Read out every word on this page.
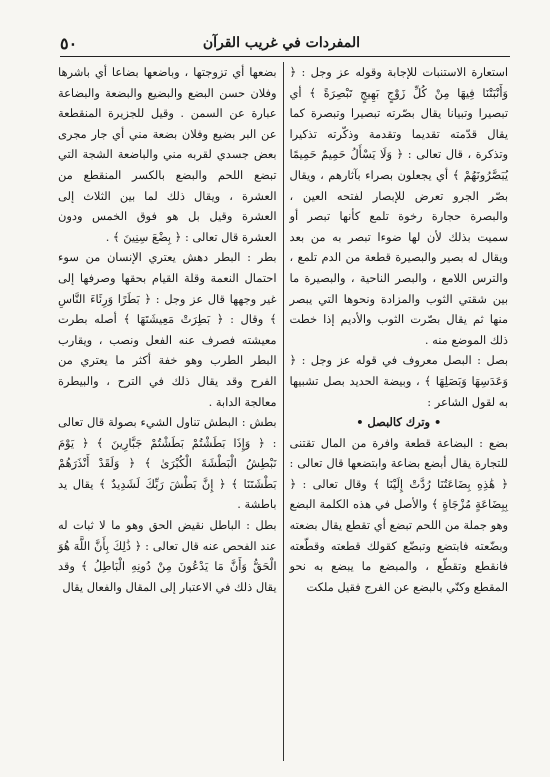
٥٠	المفردات في غريب القرآن

استعارة الاستنبات للإجابة وقوله عز وجل : ﴿ وَأَنْبَتْنَا فِيهَا مِنْ كُلِّ زَوْجٍ بَهِيجٍ تَبْصِرَةً ﴾ أي تبصيرا وتبيانا يقال بصّرته تبصيرا وتبصرة كما يقال قدّمته تقديما وتقدمة وذكّرته تذكيرا وتذكرة ، قال تعالى : ﴿ وَلَا يَسْأَلُ حَمِيمٌ حَمِيمًا يُبَصَّرُونَهُمْ ﴾ أي يجعلون بصراء بآثارهم ، ويقال بصّر الجرو تعرض للإبصار لفتحه العين ، والبصرة حجارة رخوة تلمع كأنها تبصر أو سميت بذلك لأن لها ضوءا تبصر به من بعد ويقال له بصير والبصيرة قطعة من الدم تلمع ، والترس اللامع ، والبصر الناحية ، والبصيرة ما بين شقتي الثوب والمزادة ونحوها التي يبصر منها ثم يقال بصّرت الثوب والأديم إذا خطت ذلك الموضع منه .

بصل : البصل معروف في قوله عز وجل : ﴿ وَعَدَسِهَا وَبَصَلِهَا ﴾ ، وبيضة الحديد بصل تشبيها به لقول الشاعر :

• وترك كالبصل •

بضع : البضاعة قطعة وافرة من المال تقتنى للتجارة يقال أبضع بضاعة وابتضعها قال تعالى : ﴿ هَٰذِهِ بِضَاعَتُنَا رُدَّتْ إِلَيْنَا ﴾ وقال تعالى : ﴿ بِبِضَاعَةٍ مُزْجَاةٍ ﴾ والأصل في هذه الكلمة البضع وهو جملة من اللحم تبضع أي تقطع يقال بضعته وبضّعته فابتضع وتبضّع كقولك قطعته وقطّعته فانقطع وتقطّع ، والمبضع ما يبضع به نحو المقطع وكنّي بالبضع عن الفرج فقيل ملكت

بضعها أي تزوجتها ، وباضعها بضاعا أي باشرها وفلان حسن البضع والبضيع والبضعة والبضاعة عبارة عن السمن . وقيل للجزيرة المنقطعة عن البر بضيع وفلان بضعة مني أي جار مجرى بعض جسدي لقربه مني والباضعة الشجة التي تبضع اللحم والبضع بالكسر المنقطع من العشرة ، ويقال ذلك لما بين الثلاث إلى العشرة وقيل بل هو فوق الخمس ودون العشرة قال تعالى : ﴿ بِضْعَ سِنِينَ ﴾ .

بطر : البطر دهش يعتري الإنسان من سوء احتمال النعمة وقلة القيام بحقها وصرفها إلى غير وجهها قال عز وجل : ﴿ بَطَرًا وَرِئَاءَ النَّاسِ ﴾ وقال : ﴿ بَطِرَتْ مَعِيشَتَهَا ﴾ أصله بطرت معيشته فصرف عنه الفعل ونصب ، ويقارب البطر الطرب وهو خفة أكثر ما يعتري من الفرح وقد يقال ذلك في الترح ، والبيطرة معالجة الدابة .

بطش : البطش تناول الشيء بصولة قال تعالى : ﴿ وَإِذَا بَطَشْتُمْ بَطَشْتُمْ جَبَّارِينَ ﴾ ﴿ يَوْمَ نَبْطِشُ الْبَطْشَةَ الْكُبْرَىٰ ﴾ ﴿ وَلَقَدْ أَنْذَرَهُمْ بَطْشَتَنَا ﴾ ﴿ إِنَّ بَطْشَ رَبِّكَ لَشَدِيدٌ ﴾ يقال يد باطشة .

بطل : الباطل نقيض الحق وهو ما لا ثبات له عند الفحص عنه قال تعالى : ﴿ ذَٰلِكَ بِأَنَّ اللَّهَ هُوَ الْحَقُّ وَأَنَّ مَا يَدْعُونَ مِنْ دُونِهِ الْبَاطِلُ ﴾ وقد يقال ذلك في الاعتبار إلى المقال والفعال يقال
